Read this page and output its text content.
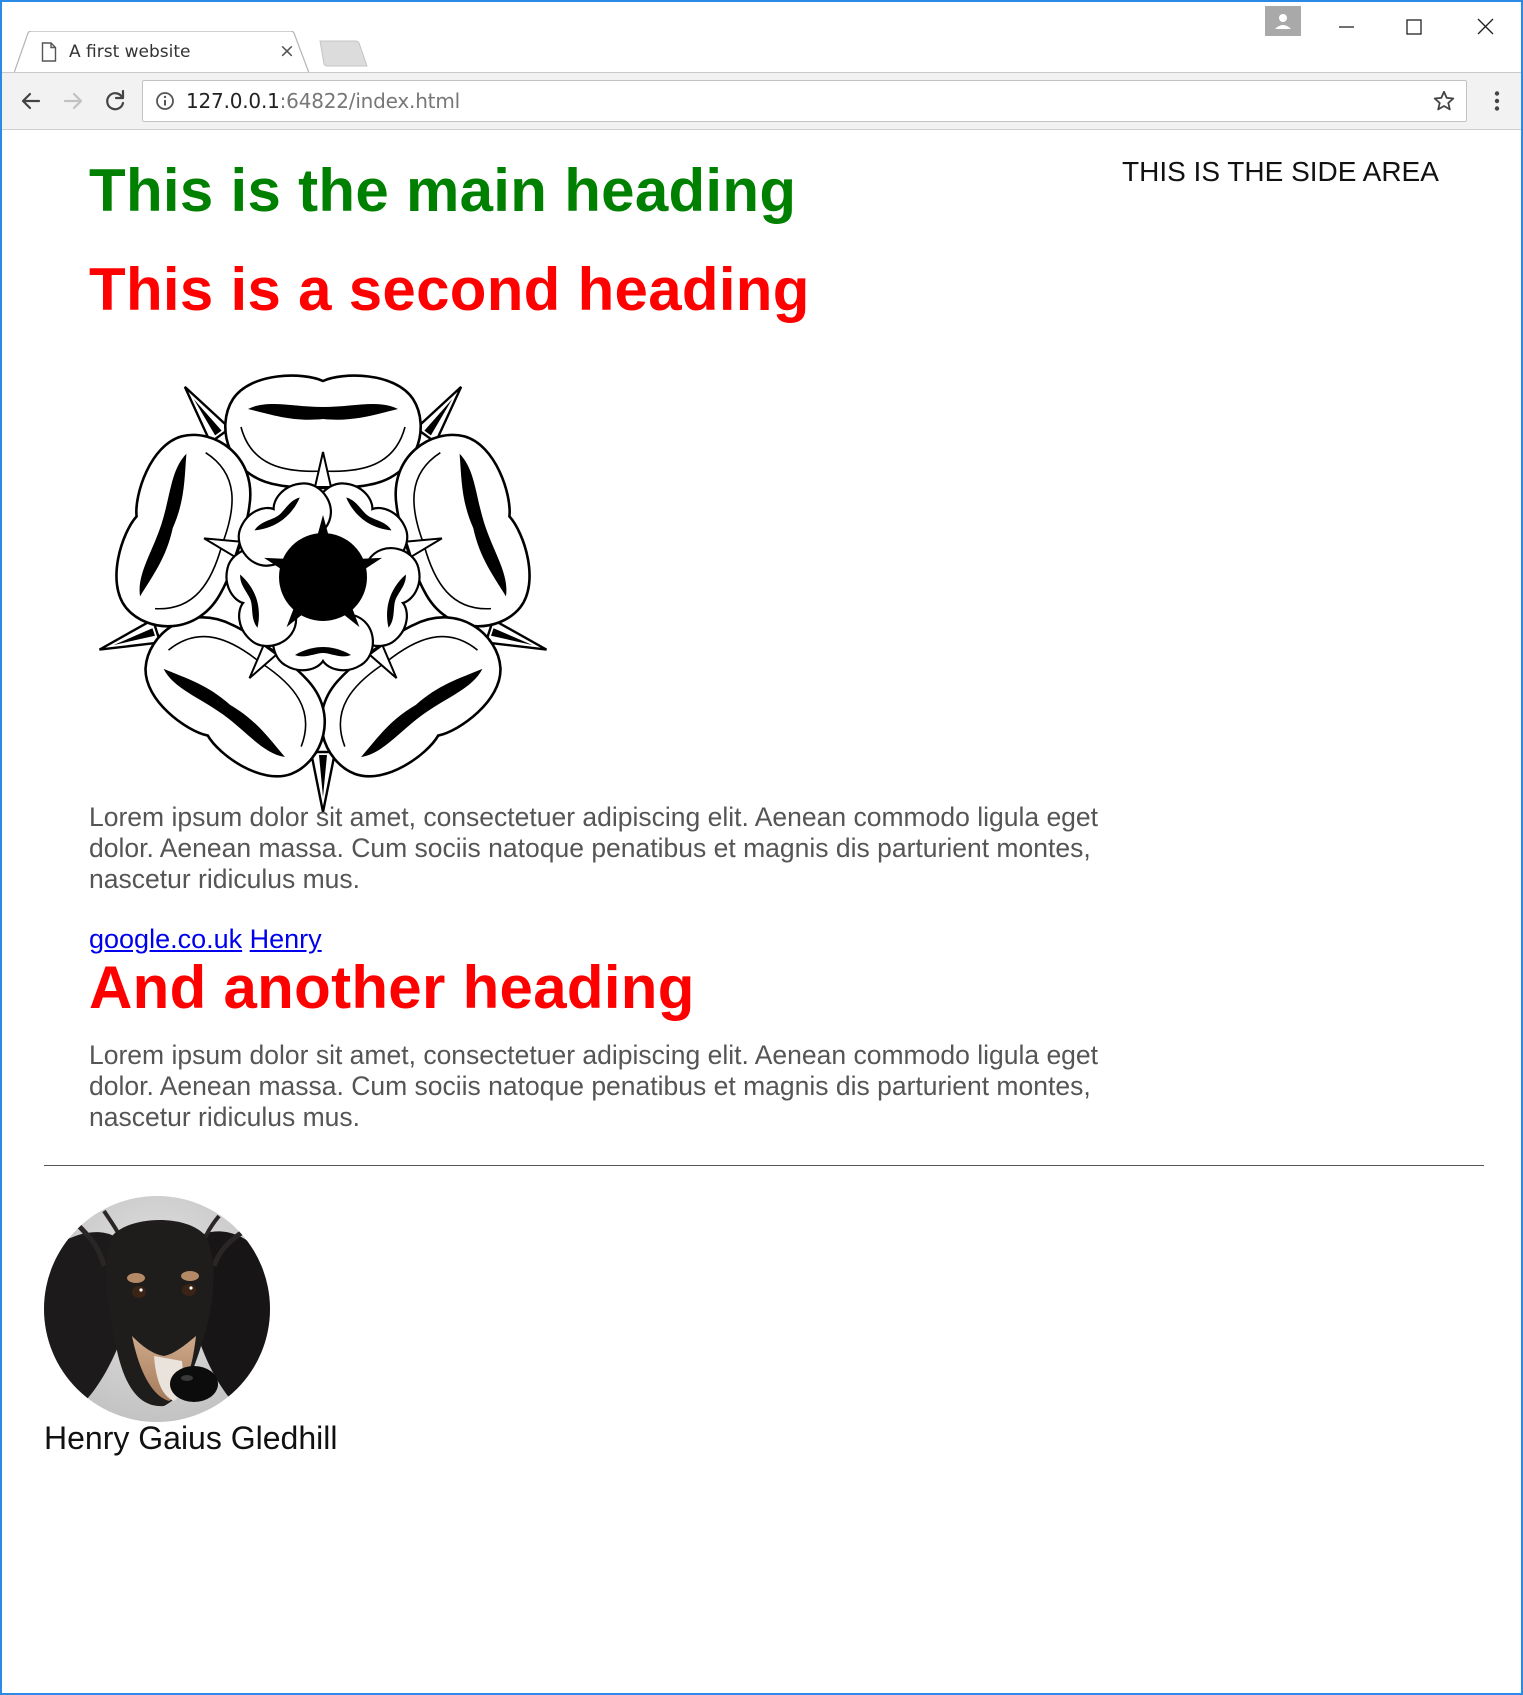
A first website	×
127.0.0.1:64822/index.html
This is the main heading	THIS IS THE SIDE AREA
This is a second heading

Lorem ipsum dolor sit amet, consectetuer adipiscing elit. Aenean commodo ligula eget dolor. Aenean massa. Cum sociis natoque penatibus et magnis dis parturient montes, nascetur ridiculus mus.

google.co.uk Henry
And another heading

Lorem ipsum dolor sit amet, consectetuer adipiscing elit. Aenean commodo ligula eget dolor. Aenean massa. Cum sociis natoque penatibus et magnis dis parturient montes, nascetur ridiculus mus.

Henry Gaius Gledhill
